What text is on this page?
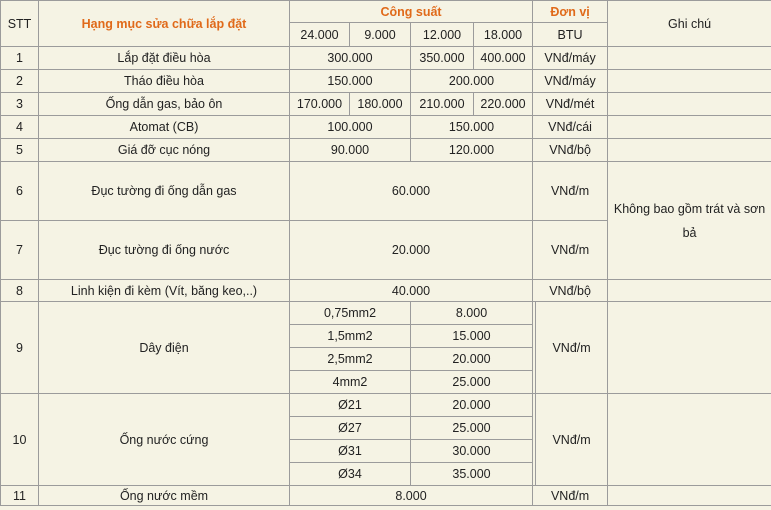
STT	Hạng mục sửa chữa lắp đặt	Công suất				Đơn vị		Ghi chú
		24.000	9.000	12.000	18.000	BTU		
1	Lắp đặt điều hòa	300.000		350.000	400.000	VNđ/máy		
2	Tháo điều hòa	150.000		200.000		VNđ/máy		
3	Ống dẫn gas, bảo ôn	170.000	180.000	210.000	220.000	VNđ/mét		
4	Atomat (CB)	100.000		150.000		VNđ/cái		
5	Giá đỡ cục nóng	90.000		120.000		VNđ/bộ		
6	Đục tường đi ống dẫn gas	60.000				VNđ/m		Không bao gồm trát và sơn bả
7	Đục tường đi ống nước	20.000				VNđ/m		
8	Linh kiện đi kèm (Vít, băng keo,..)	40.000				VNđ/bộ		
9	Dây điện	0,75mm2		8.000			VNđ/m	
		1,5mm2		15.000				
		2,5mm2		20.000				
		4mm2		25.000				
10	Ống nước cứng	Ø21		20.000			VNđ/m	
		Ø27		25.000				
		Ø31		30.000				
		Ø34		35.000				
11	Ống nước mềm	8.000				VNđ/m		
